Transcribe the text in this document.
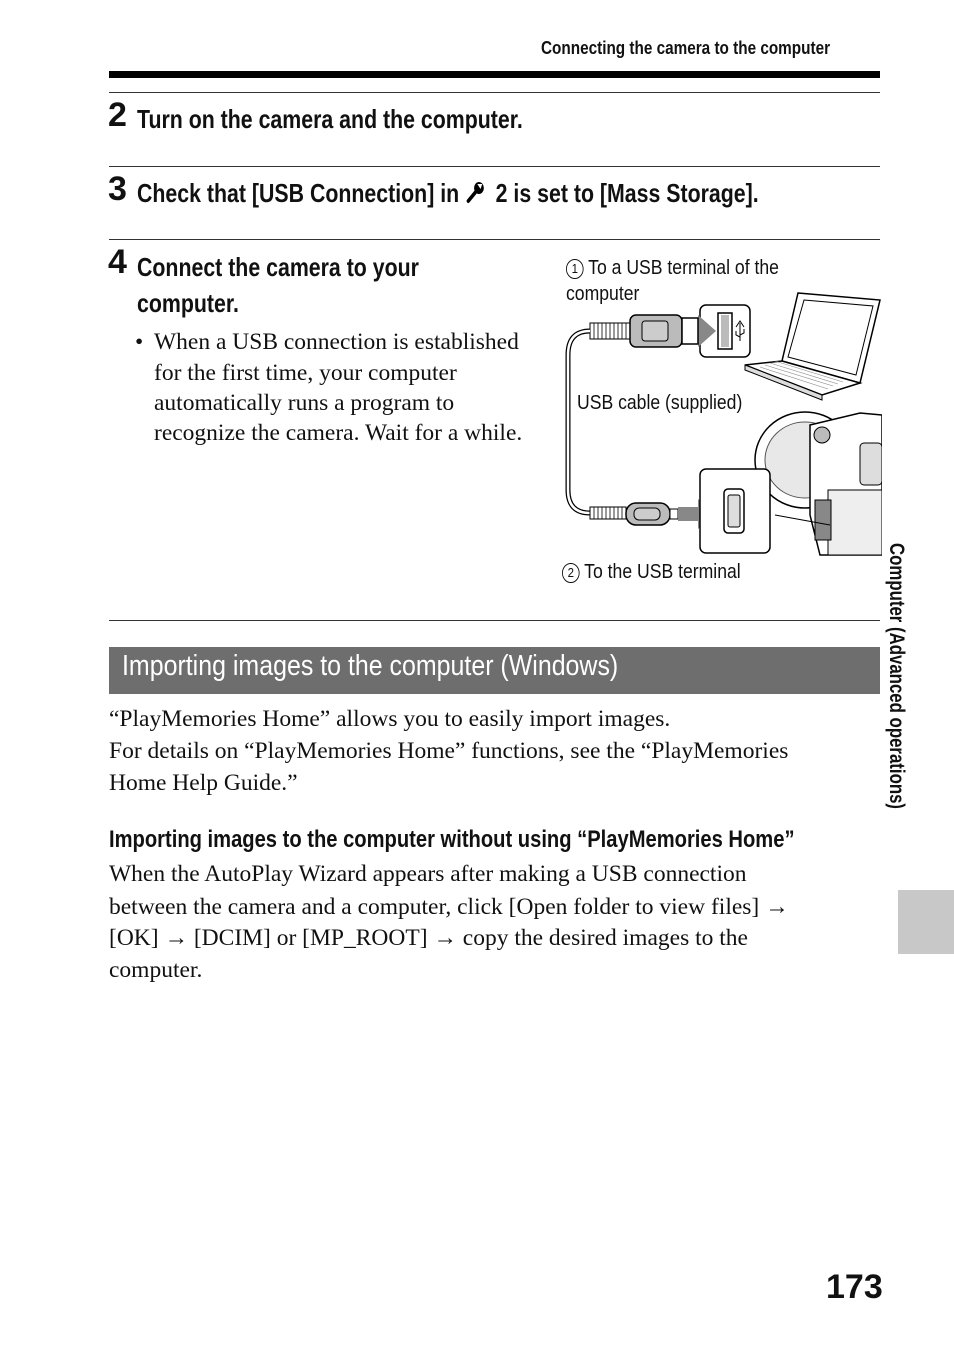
Connecting the camera to the computer
2 Turn on the camera and the computer.
3 Check that [USB Connection] in 2 is set to [Mass Storage].
4 Connect the camera to your
computer.
• When a USB connection is established
for the first time, your computer
automatically runs a program to
recognize the camera. Wait for a while.
1 To a USB terminal of the
computer
USB cable (supplied)
2 To the USB terminal
Importing images to the computer (Windows)
“PlayMemories Home” allows you to easily import images.
For details on “PlayMemories Home” functions, see the “PlayMemories
Home Help Guide.”
Importing images to the computer without using “PlayMemories Home”
When the AutoPlay Wizard appears after making a USB connection
between the camera and a computer, click [Open folder to view files] →
[OK] → [DCIM] or [MP_ROOT] → copy the desired images to the
computer.
Computer (Advanced operations)
173
